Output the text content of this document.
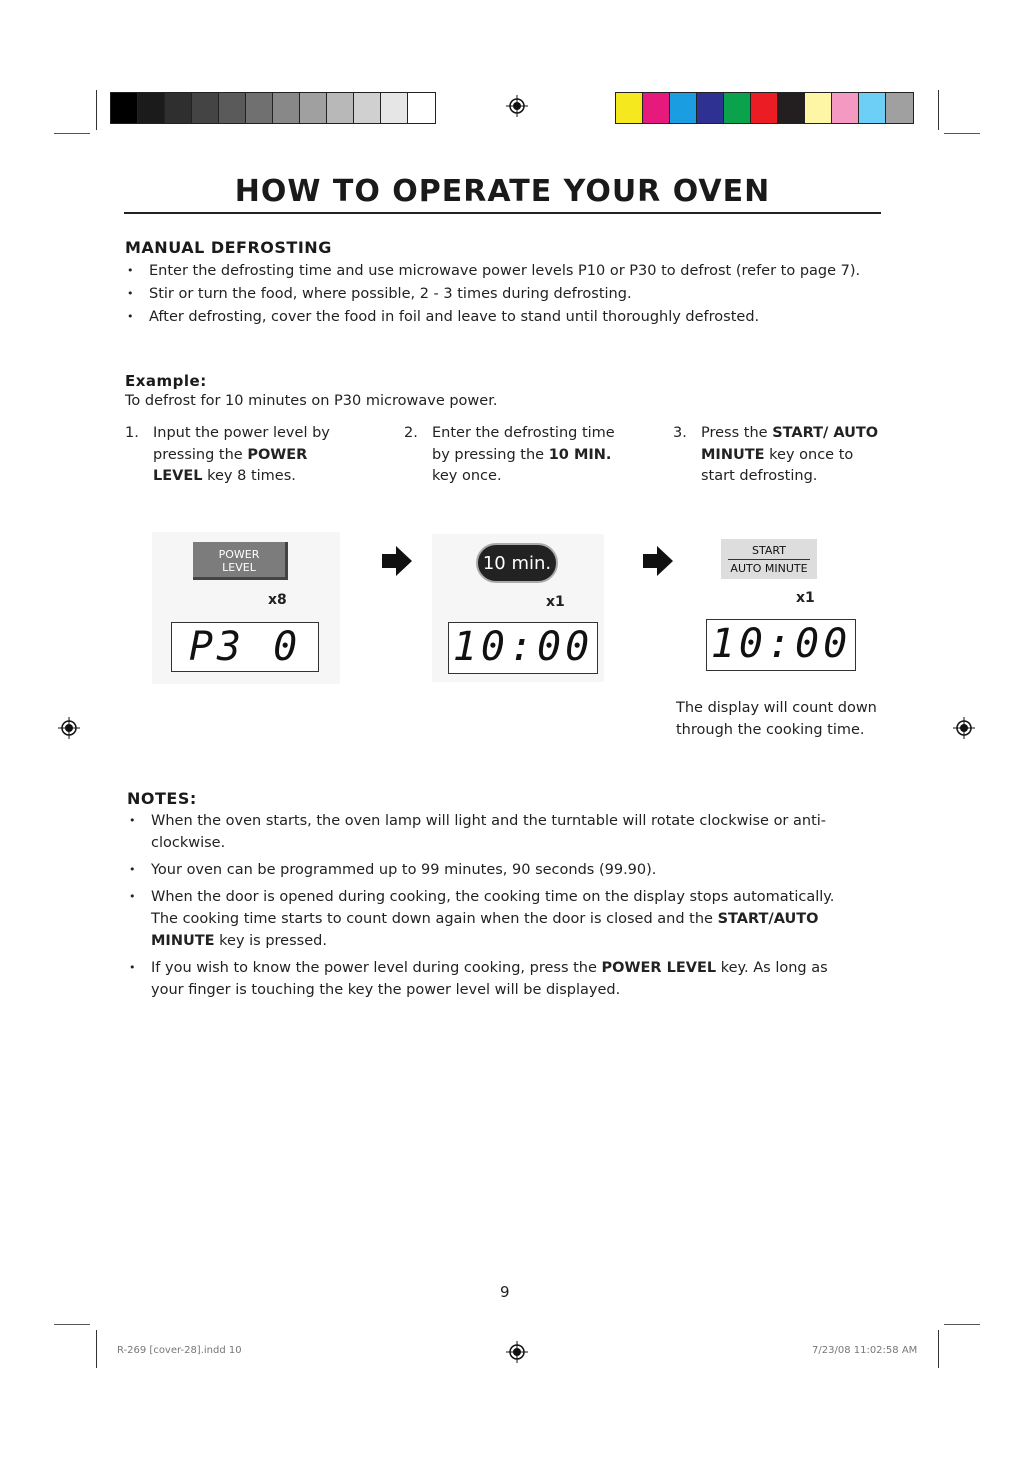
HOW TO OPERATE YOUR OVEN
MANUAL DEFROSTING
• Enter the defrosting time and use microwave power levels P10 or P30 to defrost (refer to page 7).
• Stir or turn the food, where possible, 2 - 3 times during defrosting.
• After defrosting, cover the food in foil and leave to stand until thoroughly defrosted.
Example:
To defrost for 10 minutes on P30 microwave power.
1. Input the power level by pressing the POWER LEVEL key 8 times.
2. Enter the defrosting time by pressing the 10 MIN. key once.
3. Press the START/ AUTO MINUTE key once to start defrosting.
POWER
LEVEL
x8
P3 0
10 min.
x1
10:00
START
AUTO MINUTE
x1
10:00
The display will count down
through the cooking time.
NOTES:
• When the oven starts, the oven lamp will light and the turntable will rotate clockwise or anti-clockwise.
• Your oven can be programmed up to 99 minutes, 90 seconds (99.90).
• When the door is opened during cooking, the cooking time on the display stops automatically. The cooking time starts to count down again when the door is closed and the START/AUTO MINUTE key is pressed.
• If you wish to know the power level during cooking, press the POWER LEVEL key. As long as your finger is touching the key the power level will be displayed.
9
R-269 [cover-28].indd 10	7/23/08 11:02:58 AM
